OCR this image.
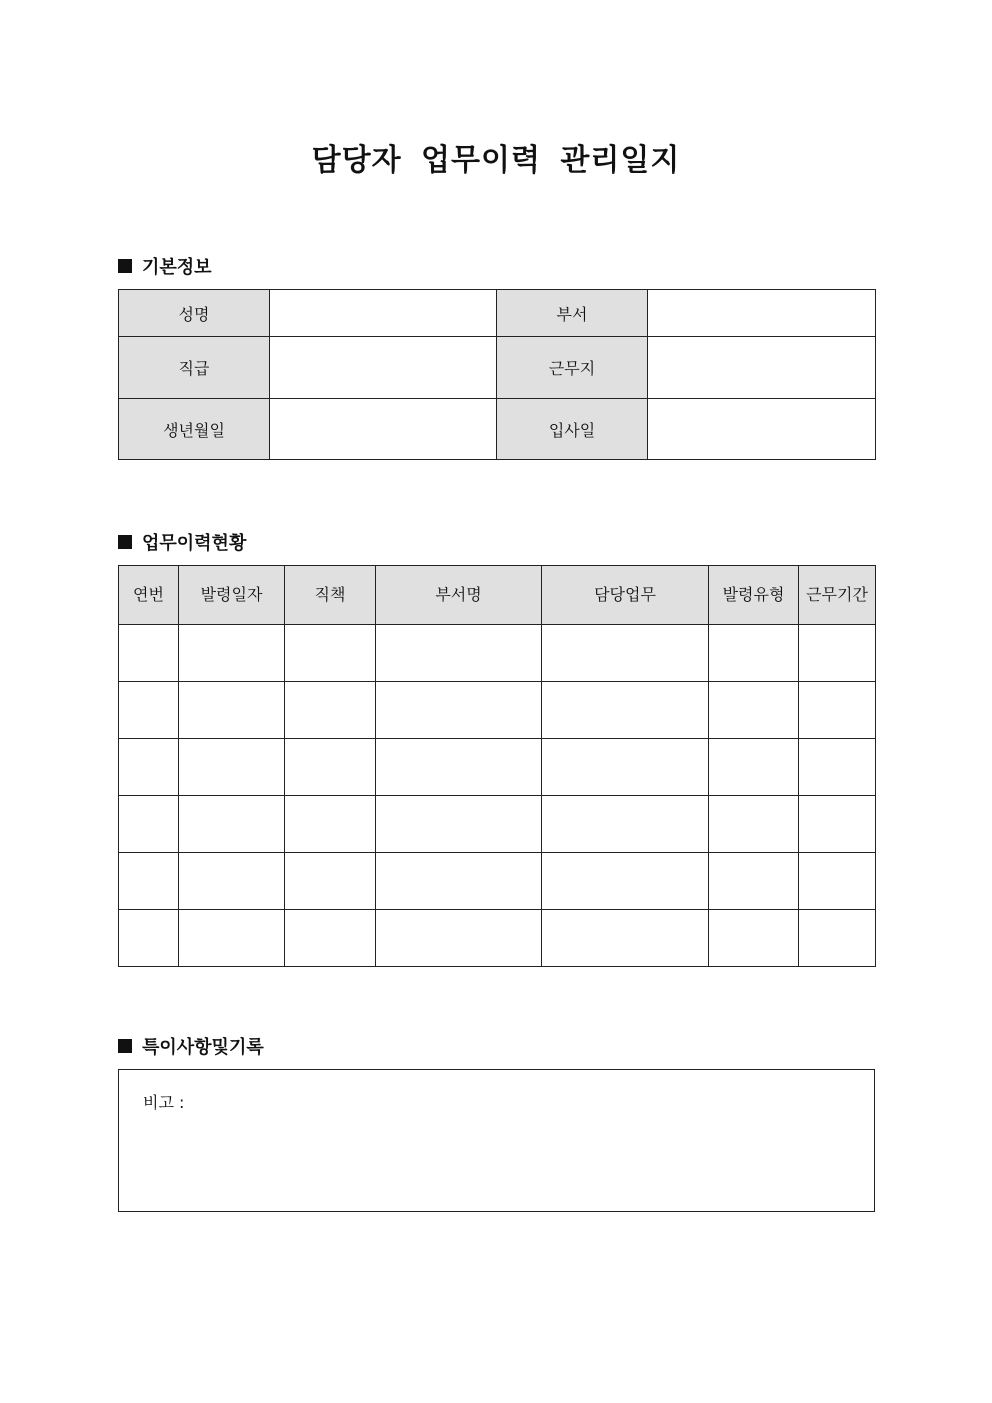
담당자 업무이력 관리일지
기본정보
성명		부서	
직급		근무지	
생년월일		입사일	
업무이력현황
연번	발령일자	직책	부서명	담당업무	발령유형	근무기간

특이사항및기록
비고 :
